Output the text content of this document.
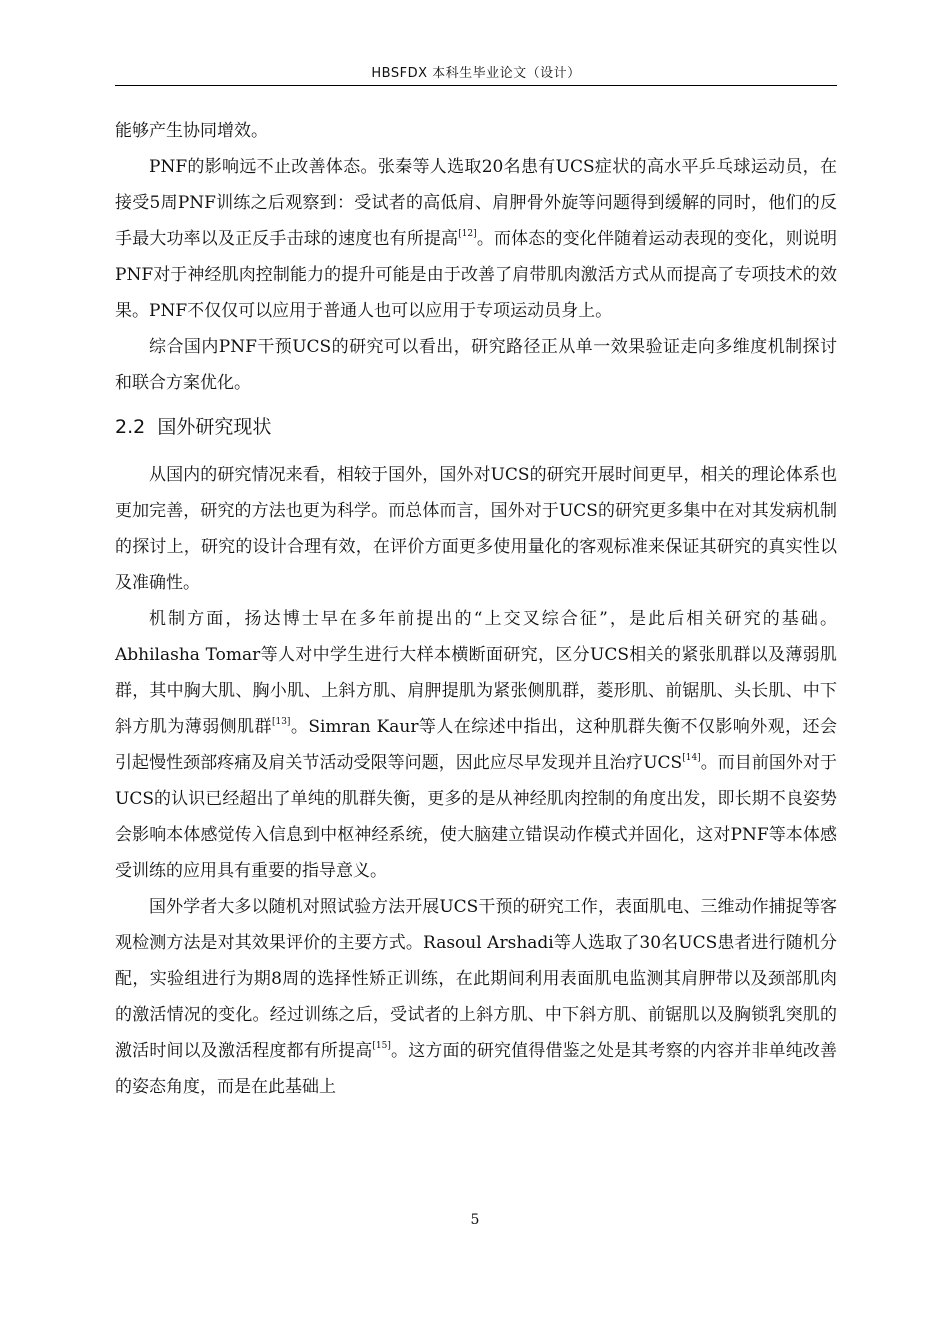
HBSFDX 本科生毕业论文（设计）

能够产生协同增效。

PNF的影响远不止改善体态。张秦等人选取20名患有UCS症状的高水平乒乓球运动员，在接受5周PNF训练之后观察到：受试者的高低肩、肩胛骨外旋等问题得到缓解的同时，他们的反手最大功率以及正反手击球的速度也有所提高[12]。而体态的变化伴随着运动表现的变化，则说明PNF对于神经肌肉控制能力的提升可能是由于改善了肩带肌肉激活方式从而提高了专项技术的效果。PNF不仅仅可以应用于普通人也可以应用于专项运动员身上。

综合国内PNF干预UCS的研究可以看出，研究路径正从单一效果验证走向多维度机制探讨和联合方案优化。

2.2 国外研究现状

从国内的研究情况来看，相较于国外，国外对UCS的研究开展时间更早，相关的理论体系也更加完善，研究的方法也更为科学。而总体而言，国外对于UCS的研究更多集中在对其发病机制的探讨上，研究的设计合理有效，在评价方面更多使用量化的客观标准来保证其研究的真实性以及准确性。

机制方面，扬达博士早在多年前提出的“上交叉综合征”，是此后相关研究的基础。Abhilasha Tomar等人对中学生进行大样本横断面研究，区分UCS相关的紧张肌群以及薄弱肌群，其中胸大肌、胸小肌、上斜方肌、肩胛提肌为紧张侧肌群，菱形肌、前锯肌、头长肌、中下斜方肌为薄弱侧肌群[13]。Simran Kaur等人在综述中指出，这种肌群失衡不仅影响外观，还会引起慢性颈部疼痛及肩关节活动受限等问题，因此应尽早发现并且治疗UCS[14]。而目前国外对于UCS的认识已经超出了单纯的肌群失衡，更多的是从神经肌肉控制的角度出发，即长期不良姿势会影响本体感觉传入信息到中枢神经系统，使大脑建立错误动作模式并固化，这对PNF等本体感受训练的应用具有重要的指导意义。

国外学者大多以随机对照试验方法开展UCS干预的研究工作，表面肌电、三维动作捕捉等客观检测方法是对其效果评价的主要方式。Rasoul Arshadi等人选取了30名UCS患者进行随机分配，实验组进行为期8周的选择性矫正训练，在此期间利用表面肌电监测其肩胛带以及颈部肌肉的激活情况的变化。经过训练之后，受试者的上斜方肌、中下斜方肌、前锯肌以及胸锁乳突肌的激活时间以及激活程度都有所提高[15]。这方面的研究值得借鉴之处是其考察的内容并非单纯改善的姿态角度，而是在此基础上

5
